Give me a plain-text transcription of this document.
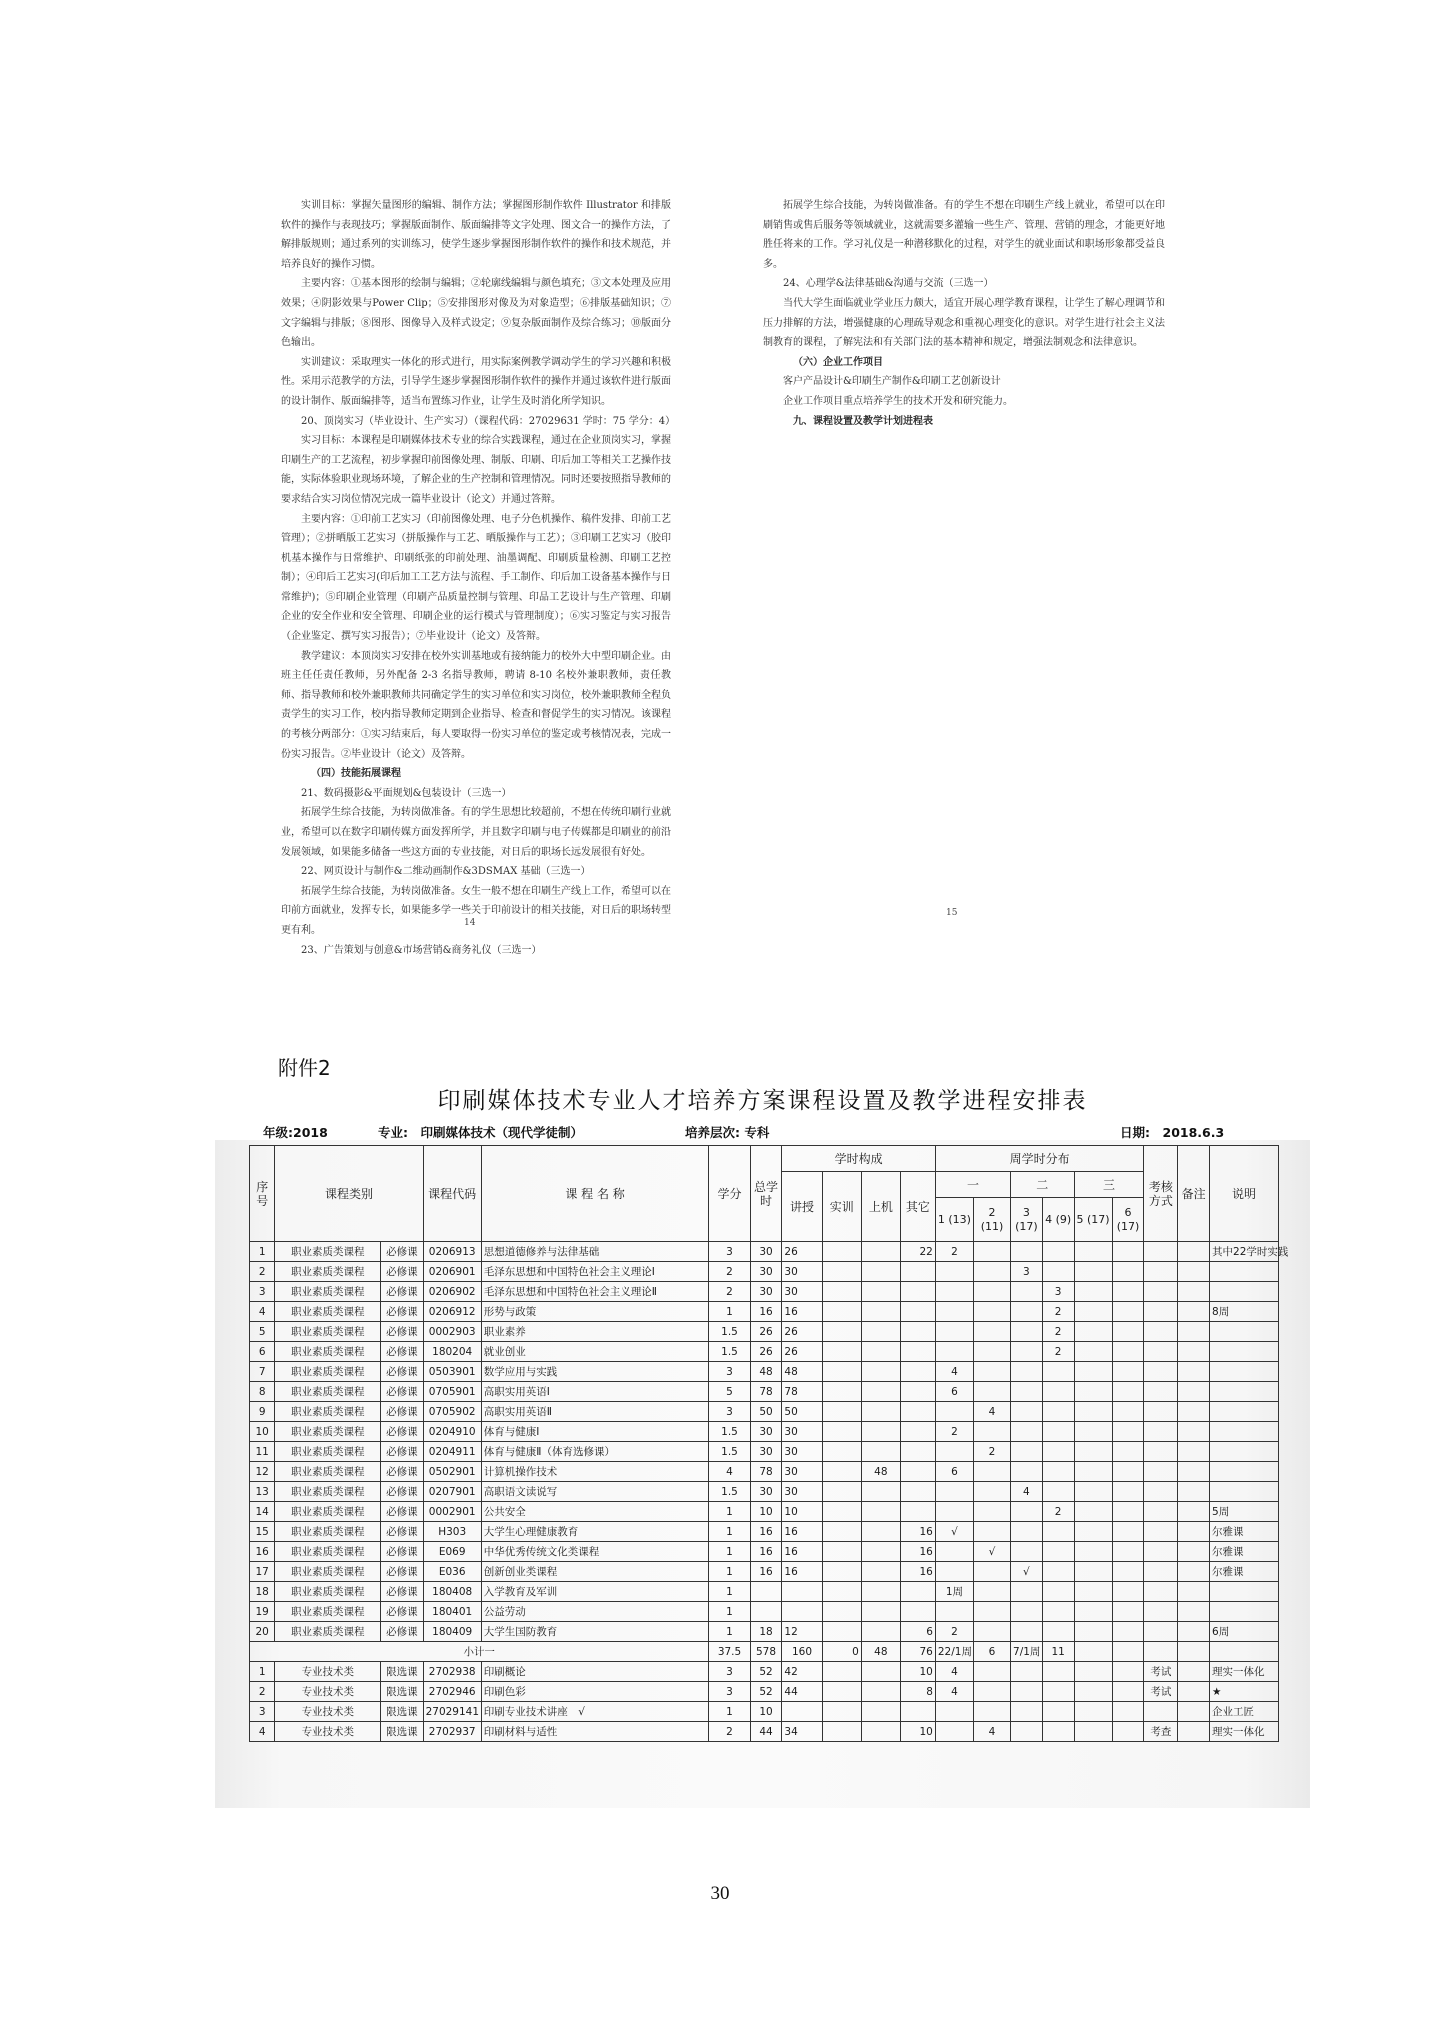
实训目标：掌握矢量图形的编辑、制作方法；掌握图形制作软件 Illustrator 和排版软件的操作与表现技巧；掌握版面制作、版面编排等文字处理、图文合一的操作方法，了解排版规则；通过系列的实训练习，使学生逐步掌握图形制作软件的操作和技术规范，并培养良好的操作习惯。

主要内容：①基本图形的绘制与编辑；②轮廓线编辑与颜色填充；③文本处理及应用效果；④阴影效果与Power Clip；⑤安排图形对像及为对象造型；⑥排版基础知识；⑦文字编辑与排版；⑧图形、图像导入及样式设定；⑨复杂版面制作及综合练习；⑩版面分色输出。

实训建议：采取理实一体化的形式进行，用实际案例教学调动学生的学习兴趣和积极性。采用示范教学的方法，引导学生逐步掌握图形制作软件的操作并通过该软件进行版面的设计制作、版面编排等，适当布置练习作业，让学生及时消化所学知识。

20、顶岗实习（毕业设计、生产实习）（课程代码：27029631 学时：75 学分：4）

实习目标：本课程是印刷媒体技术专业的综合实践课程，通过在企业顶岗实习，掌握印刷生产的工艺流程，初步掌握印前图像处理、制版、印刷、印后加工等相关工艺操作技能，实际体验职业现场环境，了解企业的生产控制和管理情况。同时还要按照指导教师的要求结合实习岗位情况完成一篇毕业设计（论文）并通过答辩。

主要内容：①印前工艺实习（印前图像处理、电子分色机操作、稿件发排、印前工艺管理）；②拼晒版工艺实习（拼版操作与工艺、晒版操作与工艺）；③印刷工艺实习（胶印机基本操作与日常维护、印刷纸张的印前处理、油墨调配、印刷质量检测、印刷工艺控制）；④印后工艺实习(印后加工工艺方法与流程、手工制作、印后加工设备基本操作与日常维护)；⑤印刷企业管理（印刷产品质量控制与管理、印品工艺设计与生产管理、印刷企业的安全作业和安全管理、印刷企业的运行模式与管理制度）；⑥实习鉴定与实习报告（企业鉴定、撰写实习报告）；⑦毕业设计（论文）及答辩。

教学建议：本顶岗实习安排在校外实训基地或有接纳能力的校外大中型印刷企业。由班主任任责任教师，另外配备 2-3 名指导教师，聘请 8-10 名校外兼职教师，责任教师、指导教师和校外兼职教师共同确定学生的实习单位和实习岗位，校外兼职教师全程负责学生的实习工作，校内指导教师定期到企业指导、检查和督促学生的实习情况。该课程的考核分两部分：①实习结束后，每人要取得一份实习单位的鉴定或考核情况表，完成一份实习报告。②毕业设计（论文）及答辩。

（四）技能拓展课程

21、数码摄影&平面规划&包装设计（三选一）

拓展学生综合技能，为转岗做准备。有的学生思想比较超前，不想在传统印刷行业就业，希望可以在数字印刷传媒方面发挥所学，并且数字印刷与电子传媒都是印刷业的前沿发展领域，如果能多储备一些这方面的专业技能，对日后的职场长远发展很有好处。

22、网页设计与制作&二维动画制作&3DSMAX 基础（三选一）

拓展学生综合技能，为转岗做准备。女生一般不想在印刷生产线上工作，希望可以在印前方面就业，发挥专长，如果能多学一些关于印前设计的相关技能，对日后的职场转型更有利。

23、广告策划与创意&市场营销&商务礼仪（三选一）

拓展学生综合技能，为转岗做准备。有的学生不想在印刷生产线上就业，希望可以在印刷销售或售后服务等领域就业，这就需要多灌输一些生产、管理、营销的理念，才能更好地胜任将来的工作。学习礼仪是一种潜移默化的过程，对学生的就业面试和职场形象都受益良多。

24、心理学&法律基础&沟通与交流（三选一）

当代大学生面临就业学业压力颇大，适宜开展心理学教育课程，让学生了解心理调节和压力排解的方法，增强健康的心理疏导观念和重视心理变化的意识。对学生进行社会主义法制教育的课程，了解宪法和有关部门法的基本精神和规定，增强法制观念和法律意识。

（六）企业工作项目

客户产品设计&印刷生产制作&印刷工艺创新设计

企业工作项目重点培养学生的技术开发和研究能力。

九、课程设置及教学计划进程表

14
15
附件2
印刷媒体技术专业人才培养方案课程设置及教学进程安排表
年级:2018	专业:　印刷媒体技术（现代学徒制）	培养层次: 专科	日期:　2018.6.3
序号	课程类别		课程代码	课 程 名 称	学分	总学时	学时构成				周学时分布						考核方式	备注	说明
							讲授	实训	上机	其它	一		二		三				
											1 (13)	2 (11)	3 (17)	4 (9)	5 (17)	6 (17)			
1	职业素质类课程	必修课	0206913	思想道德修养与法律基础	3	30	26			22	2								其中22学时实践
2	职业素质类课程	必修课	0206901	毛泽东思想和中国特色社会主义理论Ⅰ	2	30	30						3						
3	职业素质类课程	必修课	0206902	毛泽东思想和中国特色社会主义理论Ⅱ	2	30	30							3					
4	职业素质类课程	必修课	0206912	形势与政策	1	16	16							2					8周
5	职业素质类课程	必修课	0002903	职业素养	1.5	26	26							2					
6	职业素质类课程	必修课	180204	就业创业	1.5	26	26							2					
7	职业素质类课程	必修课	0503901	数学应用与实践	3	48	48				4								
8	职业素质类课程	必修课	0705901	高职实用英语Ⅰ	5	78	78				6								
9	职业素质类课程	必修课	0705902	高职实用英语Ⅱ	3	50	50					4							
10	职业素质类课程	必修课	0204910	体育与健康Ⅰ	1.5	30	30				2								
11	职业素质类课程	必修课	0204911	体育与健康Ⅱ（体育选修课）	1.5	30	30					2							
12	职业素质类课程	必修课	0502901	计算机操作技术	4	78	30		48		6								
13	职业素质类课程	必修课	0207901	高职语文读说写	1.5	30	30						4						
14	职业素质类课程	必修课	0002901	公共安全	1	10	10							2					5周
15	职业素质类课程	必修课	H303	大学生心理健康教育	1	16	16			16	√								尔雅课
16	职业素质类课程	必修课	E069	中华优秀传统文化类课程	1	16	16			16		√							尔雅课
17	职业素质类课程	必修课	E036	创新创业类课程	1	16	16			16			√						尔雅课
18	职业素质类课程	必修课	180408	入学教育及军训	1						1周								
19	职业素质类课程	必修课	180401	公益劳动	1														
20	职业素质类课程	必修课	180409	大学生国防教育	1	18	12			6	2								6周
小计一					37.5	578	160	0	48	76	22/1周	6	7/1周	11					
1	专业技术类	限选课	2702938	印刷概论	3	52	42			10	4						考试		理实一体化
2	专业技术类	限选课	2702946	印刷色彩	3	52	44			8	4						考试		★
3	专业技术类	限选课	27029141	印刷专业技术讲座　√	1	10													企业工匠
4	专业技术类	限选课	2702937	印刷材料与适性	2	44	34			10		4					考查		理实一体化
30
